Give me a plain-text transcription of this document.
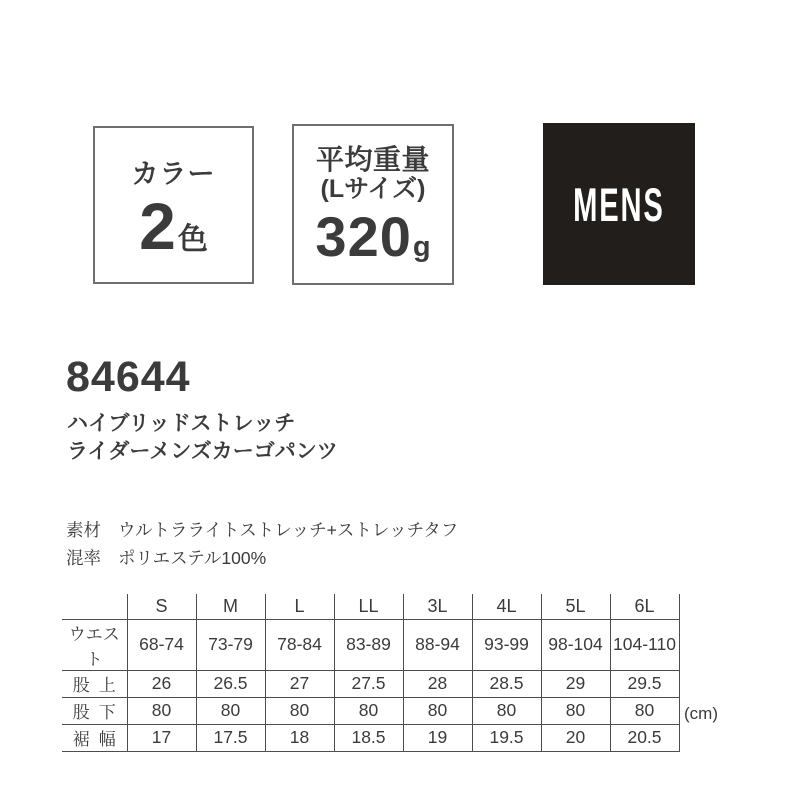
カラー
2 色
平均重量
(Lサイズ)
320 g
MENS
84644
ハイブリッドストレッチ
ライダーメンズカーゴパンツ
素材 ウルトラライトストレッチ+ストレッチタフ
混率 ポリエステル100%
	S	M	L	LL	3L	4L	5L	6L
ウエスト	68-74	73-79	78-84	83-89	88-94	93-99	98-104	104-110
股上	26	26.5	27	27.5	28	28.5	29	29.5
股下	80	80	80	80	80	80	80	80
裾幅	17	17.5	18	18.5	19	19.5	20	20.5
(cm)
